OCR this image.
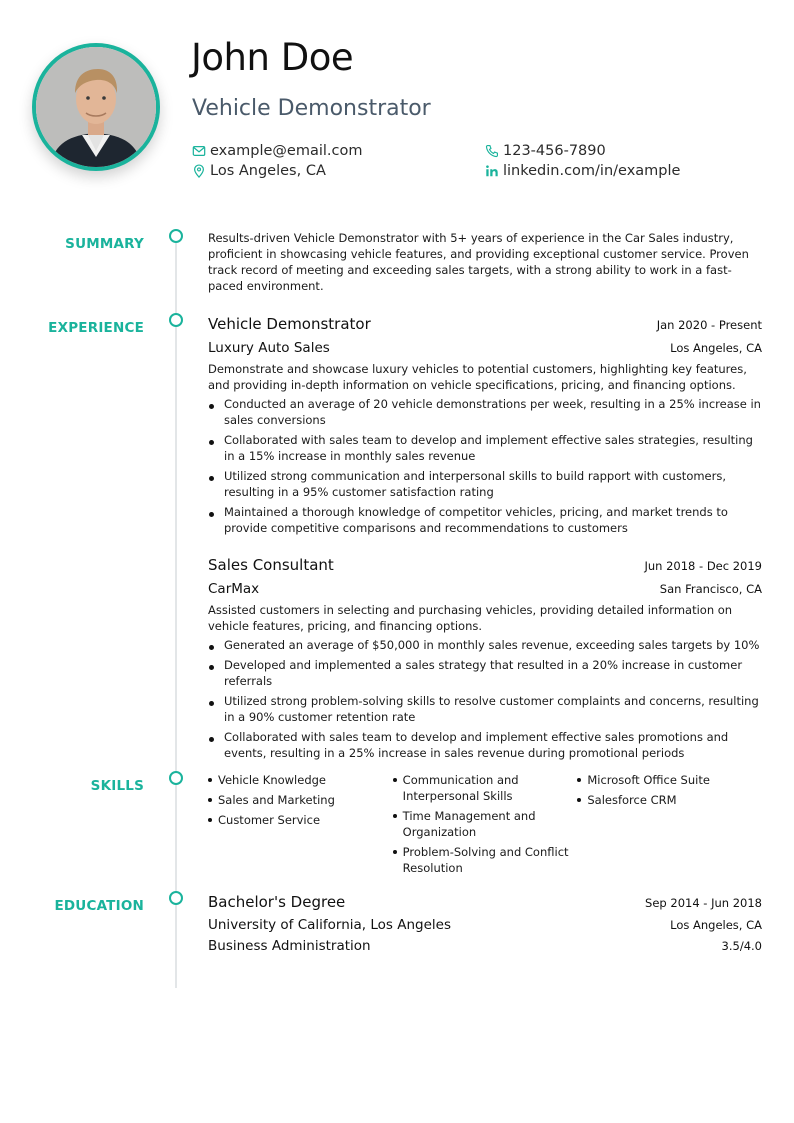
John Doe
Vehicle Demonstrator
example@email.com
Los Angeles, CA
123-456-7890
linkedin.com/in/example
SUMMARY	Results-driven Vehicle Demonstrator with 5+ years of experience in the Car Sales industry, proficient in showcasing vehicle features, and providing exceptional customer service. Proven track record of meeting and exceeding sales targets, with a strong ability to work in a fast-paced environment.
EXPERIENCE	Vehicle Demonstrator	Jan 2020 - Present
Luxury Auto Sales	Los Angeles, CA
Demonstrate and showcase luxury vehicles to potential customers, highlighting key features, and providing in-depth information on vehicle specifications, pricing, and financing options.
Conducted an average of 20 vehicle demonstrations per week, resulting in a 25% increase in sales conversions
Collaborated with sales team to develop and implement effective sales strategies, resulting in a 15% increase in monthly sales revenue
Utilized strong communication and interpersonal skills to build rapport with customers, resulting in a 95% customer satisfaction rating
Maintained a thorough knowledge of competitor vehicles, pricing, and market trends to provide competitive comparisons and recommendations to customers
Sales Consultant	Jun 2018 - Dec 2019
CarMax	San Francisco, CA
Assisted customers in selecting and purchasing vehicles, providing detailed information on vehicle features, pricing, and financing options.
Generated an average of $50,000 in monthly sales revenue, exceeding sales targets by 10%
Developed and implemented a sales strategy that resulted in a 20% increase in customer referrals
Utilized strong problem-solving skills to resolve customer complaints and concerns, resulting in a 90% customer retention rate
Collaborated with sales team to develop and implement effective sales promotions and events, resulting in a 25% increase in sales revenue during promotional periods
SKILLS	Vehicle Knowledge
Sales and Marketing
Customer Service
Communication and Interpersonal Skills
Time Management and Organization
Problem-Solving and Conflict Resolution
Microsoft Office Suite
Salesforce CRM
EDUCATION	Bachelor's Degree	Sep 2014 - Jun 2018
University of California, Los Angeles	Los Angeles, CA
Business Administration	3.5/4.0
